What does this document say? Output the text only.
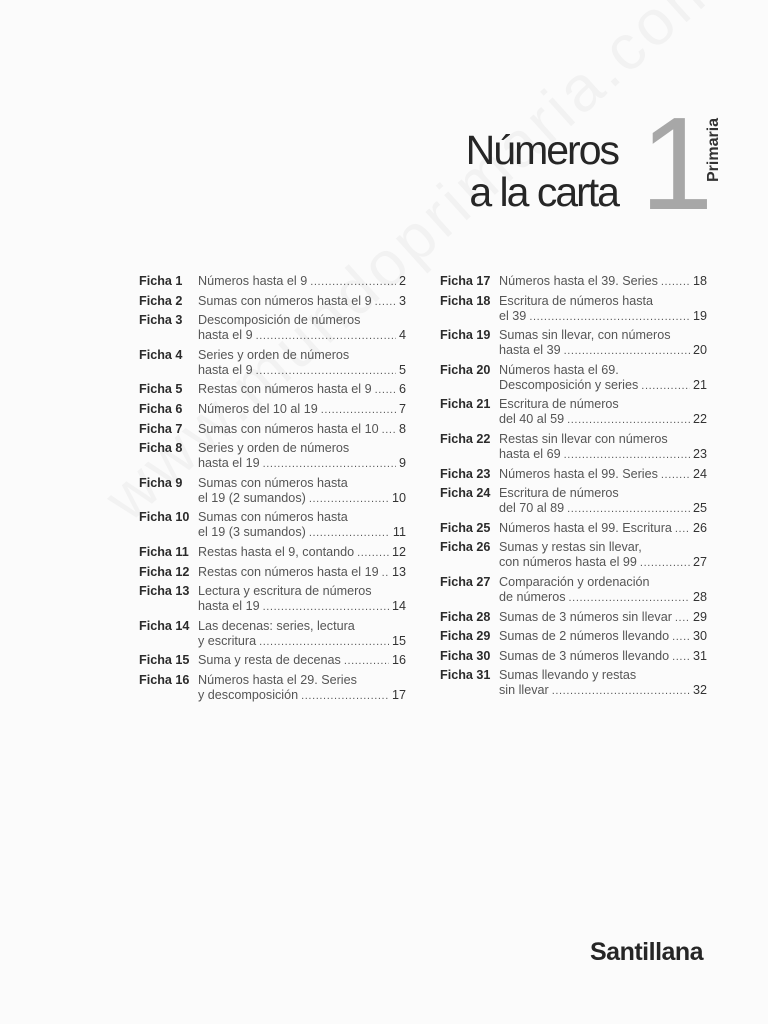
Números
a la carta 1
Primaria
Ficha 1	Números hasta el 9 .....	2
Ficha 2	Sumas con números hasta el 9 ..... 3
Ficha 3	Descomposición de números
hasta el 9 .....	4
Ficha 4	Series y orden de números
hasta el 9 .....	5
Ficha 5	Restas con números hasta el 9 ..... 6
Ficha 6	Números del 10 al 19 .....	7
Ficha 7	Sumas con números hasta el 10 ..... 8
Ficha 8	Series y orden de números
hasta el 19 .....	9
Ficha 9	Sumas con números hasta
el 19 (2 sumandos) .....	10
Ficha 10 Sumas con números hasta
el 19 (3 sumandos) .....	11
Ficha 11 Restas hasta el 9, contando .....	12
Ficha 12 Restas con números hasta el 19 ..... 13
Ficha 13 Lectura y escritura de números
hasta el 19 .....	14
Ficha 14 Las decenas: series, lectura
y escritura .....	15
Ficha 15 Suma y resta de decenas .....	16
Ficha 16 Números hasta el 29. Series
y descomposición .....	17
Ficha 17 Números hasta el 39. Series .....	18
Ficha 18 Escritura de números hasta
el 39 .....	19
Ficha 19 Sumas sin llevar, con números
hasta el 39 .....	20
Ficha 20 Números hasta el 69.
Descomposición y series .....	21
Ficha 21 Escritura de números
del 40 al 59 .....	22
Ficha 22 Restas sin llevar con números
hasta el 69 .....	23
Ficha 23 Números hasta el 99. Series .....	24
Ficha 24 Escritura de números
del 70 al 89 .....	25
Ficha 25 Números hasta el 99. Escritura ..... 26
Ficha 26 Sumas y restas sin llevar,
con números hasta el 99 .....	27
Ficha 27 Comparación y ordenación
de números .....	28
Ficha 28 Sumas de 3 números sin llevar ..... 29
Ficha 29 Sumas de 2 números llevando ..... 30
Ficha 30 Sumas de 3 números llevando ..... 31
Ficha 31 Sumas llevando y restas
sin llevar .....	32
Santillana
